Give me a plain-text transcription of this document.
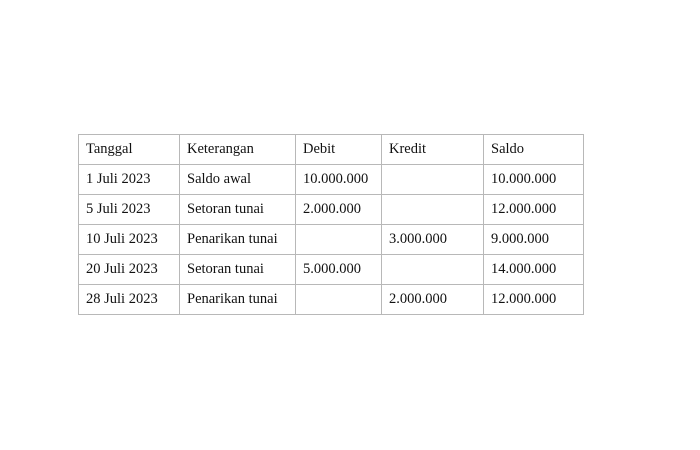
Tanggal	Keterangan	Debit	Kredit	Saldo
1 Juli 2023	Saldo awal	10.000.000		10.000.000
5 Juli 2023	Setoran tunai	2.000.000		12.000.000
10 Juli 2023	Penarikan tunai		3.000.000	9.000.000
20 Juli 2023	Setoran tunai	5.000.000		14.000.000
28 Juli 2023	Penarikan tunai		2.000.000	12.000.000
